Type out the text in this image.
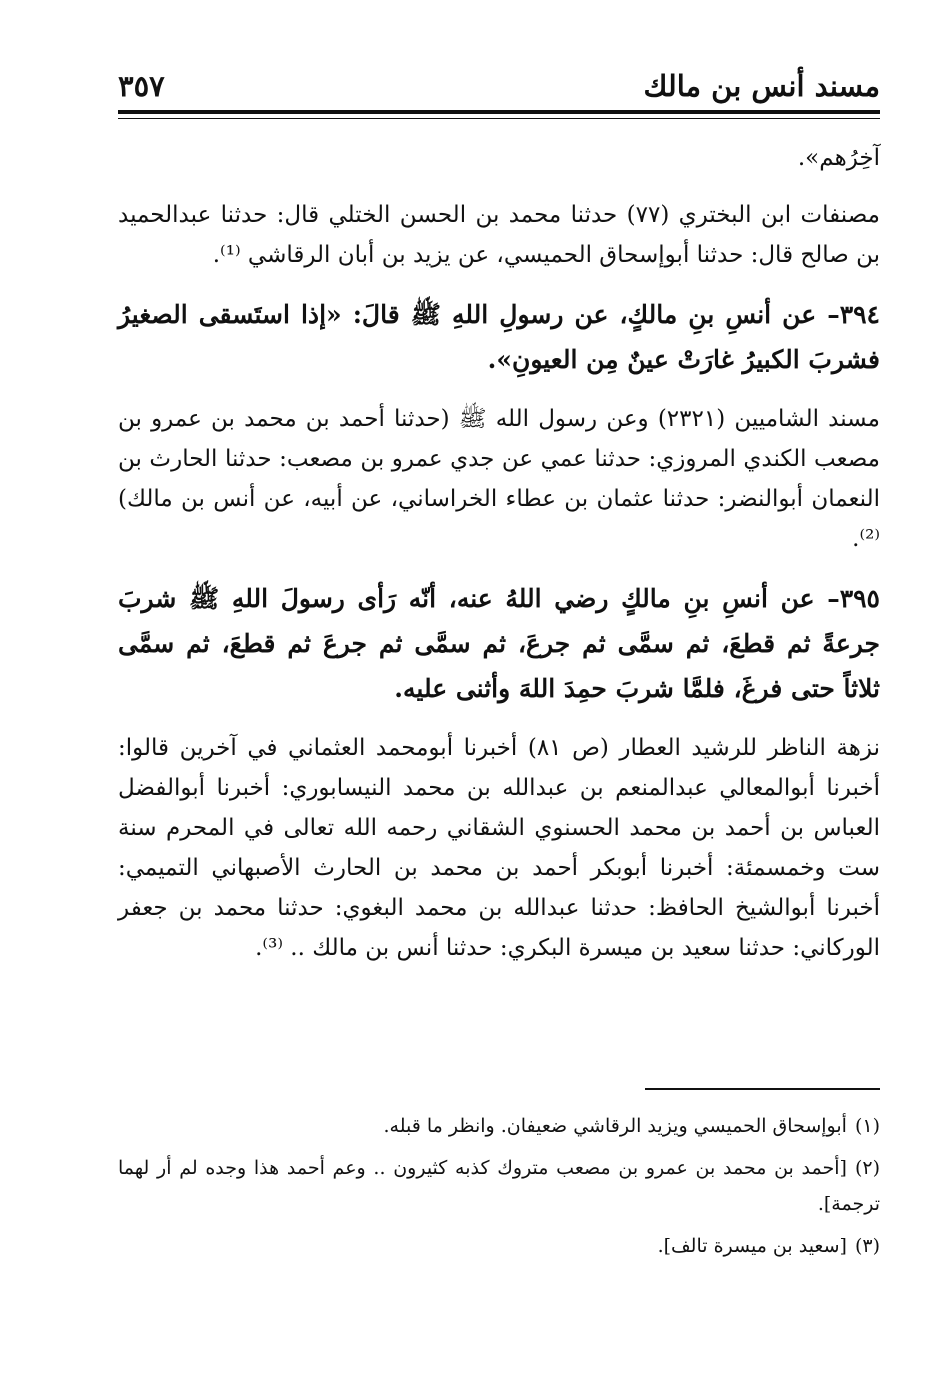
مسند أنس بن مالك
٣٥٧

آخِرُهم».

مصنفات ابن البختري (٧٧) حدثنا محمد بن الحسن الختلي قال: حدثنا عبدالحميد بن صالح قال: حدثنا أبوإسحاق الحميسي، عن يزيد بن أبان الرقاشي ⁽¹⁾.

٣٩٤– عن أنسِ بنِ مالكٍ، عن رسولِ اللهِ ﷺ قالَ: «إذا استَسقى الصغيرُ فشربَ الكبيرُ غارَتْ عينٌ مِن العيونِ».

مسند الشاميين (٢٣٢١) وعن رسول الله ﷺ (حدثنا أحمد بن محمد بن عمرو بن مصعب الكندي المروزي: حدثنا عمي عن جدي عمرو بن مصعب: حدثنا الحارث بن النعمان أبوالنضر: حدثنا عثمان بن عطاء الخراساني، عن أبيه، عن أنس بن مالك)⁽²⁾.

٣٩٥– عن أنسِ بنِ مالكٍ رضي اللهُ عنه، أنّه رَأى رسولَ اللهِ ﷺ شربَ جرعةً ثم قطعَ، ثم سمَّى ثم جرعَ، ثم سمَّى ثم جرعَ ثم قطعَ، ثم سمَّى ثلاثاً حتى فرغَ، فلمَّا شربَ حمِدَ اللهَ وأثنى عليه.

نزهة الناظر للرشيد العطار (ص ٨١) أخبرنا أبومحمد العثماني في آخرين قالوا: أخبرنا أبوالمعالي عبدالمنعم بن عبدالله بن محمد النيسابوري: أخبرنا أبوالفضل العباس بن أحمد بن محمد الحسنوي الشقاني رحمه الله تعالى في المحرم سنة ست وخمسمئة: أخبرنا أبوبكر أحمد بن محمد بن الحارث الأصبهاني التميمي: أخبرنا أبوالشيخ الحافظ: حدثنا عبدالله بن محمد البغوي: حدثنا محمد بن جعفر الوركاني: حدثنا سعيد بن ميسرة البكري: حدثنا أنس بن مالك .. ⁽³⁾.

(١)أبوإسحاق الحميسي ويزيد الرقاشي ضعيفان. وانظر ما قبله.

(٢)[أحمد بن محمد بن عمرو بن مصعب متروك كذبه كثيرون .. وعم أحمد هذا وجده لم أر لهما ترجمة].

(٣)[سعيد بن ميسرة تالف].
